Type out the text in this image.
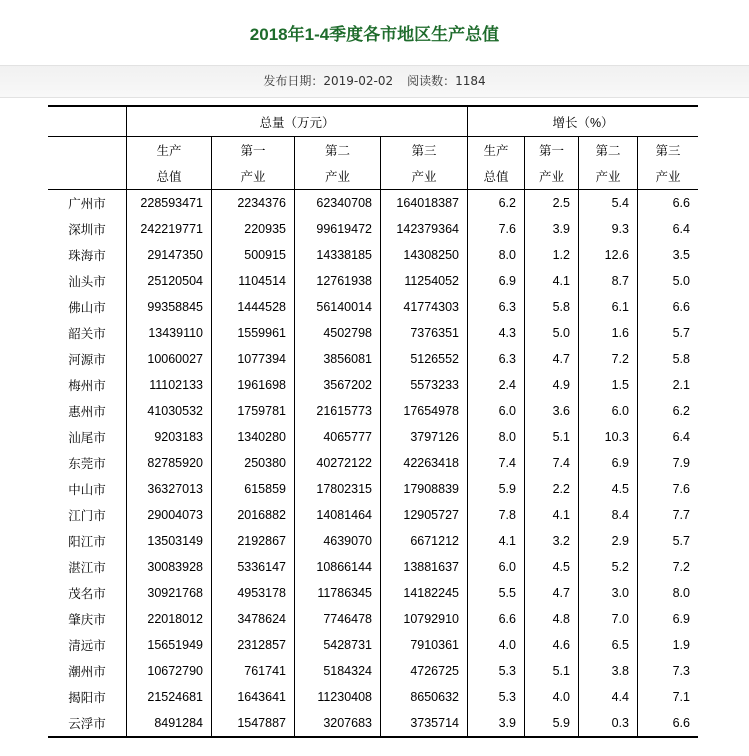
2018年1-4季度各市地区生产总值
发布日期：2019-02-02 阅读数：1184
	总量（万元）				增长（%）			
	生产	第一	第二	第三	生产	第一	第二	第三
	总值	产业	产业	产业	总值	产业	产业	产业
广州市	228593471	2234376	62340708	164018387	6.2	2.5	5.4	6.6
深圳市	242219771	220935	99619472	142379364	7.6	3.9	9.3	6.4
珠海市	29147350	500915	14338185	14308250	8.0	1.2	12.6	3.5
汕头市	25120504	1104514	12761938	11254052	6.9	4.1	8.7	5.0
佛山市	99358845	1444528	56140014	41774303	6.3	5.8	6.1	6.6
韶关市	13439110	1559961	4502798	7376351	4.3	5.0	1.6	5.7
河源市	10060027	1077394	3856081	5126552	6.3	4.7	7.2	5.8
梅州市	11102133	1961698	3567202	5573233	2.4	4.9	1.5	2.1
惠州市	41030532	1759781	21615773	17654978	6.0	3.6	6.0	6.2
汕尾市	9203183	1340280	4065777	3797126	8.0	5.1	10.3	6.4
东莞市	82785920	250380	40272122	42263418	7.4	7.4	6.9	7.9
中山市	36327013	615859	17802315	17908839	5.9	2.2	4.5	7.6
江门市	29004073	2016882	14081464	12905727	7.8	4.1	8.4	7.7
阳江市	13503149	2192867	4639070	6671212	4.1	3.2	2.9	5.7
湛江市	30083928	5336147	10866144	13881637	6.0	4.5	5.2	7.2
茂名市	30921768	4953178	11786345	14182245	5.5	4.7	3.0	8.0
肇庆市	22018012	3478624	7746478	10792910	6.6	4.8	7.0	6.9
清远市	15651949	2312857	5428731	7910361	4.0	4.6	6.5	1.9
潮州市	10672790	761741	5184324	4726725	5.3	5.1	3.8	7.3
揭阳市	21524681	1643641	11230408	8650632	5.3	4.0	4.4	7.1
云浮市	8491284	1547887	3207683	3735714	3.9	5.9	0.3	6.6
